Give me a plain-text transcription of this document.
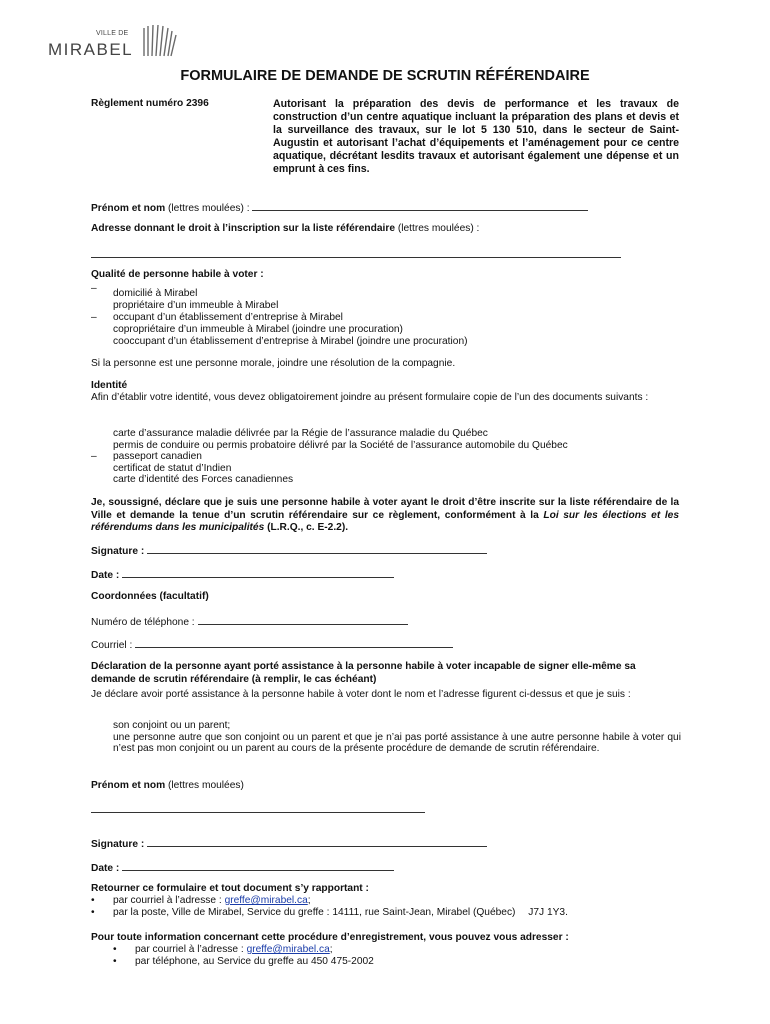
VILLE DE
MIRABEL
FORMULAIRE DE DEMANDE DE SCRUTIN RÉFÉRENDAIRE
Règlement numéro 2396	Autorisant la préparation des devis de performance et les travaux de construction d’un centre aquatique incluant la préparation des plans et devis et la surveillance des travaux, sur le lot 5 130 510, dans le secteur de Saint-Augustin et autorisant l’achat d’équipements et l’aménagement pour ce centre aquatique, décrétant lesdits travaux et autorisant également une dépense et un emprunt à ces fins.
Prénom et nom (lettres moulées) :
Adresse donnant le droit à l’inscription sur la liste référendaire (lettres moulées) :
Qualité de personne habile à voter :
–
–
domicilié à Mirabel
propriétaire d’un immeuble à Mirabel
occupant d’un établissement d’entreprise à Mirabel
copropriétaire d’un immeuble à Mirabel (joindre une procuration)
cooccupant d’un établissement d’entreprise à Mirabel (joindre une procuration)
Si la personne est une personne morale, joindre une résolution de la compagnie.
Identité
Afin d’établir votre identité, vous devez obligatoirement joindre au présent formulaire copie de l’un des documents suivants :
–
carte d’assurance maladie délivrée par la Régie de l’assurance maladie du Québec
permis de conduire ou permis probatoire délivré par la Société de l’assurance automobile du Québec
passeport canadien
certificat de statut d’Indien
carte d’identité des Forces canadiennes
Je, soussigné, déclare que je suis une personne habile à voter ayant le droit d’être inscrite sur la liste référendaire de la Ville et demande la tenue d’un scrutin référendaire sur ce règlement, conformément à la Loi sur les élections et les référendums dans les municipalités (L.R.Q., c. E-2.2).
Signature :
Date :
Coordonnées (facultatif)
Numéro de téléphone :
Courriel :
Déclaration de la personne ayant porté assistance à la personne habile à voter incapable de signer elle-même sa demande de scrutin référendaire (à remplir, le cas échéant)
Je déclare avoir porté assistance à la personne habile à voter dont le nom et l’adresse figurent ci-dessus et que je suis :
son conjoint ou un parent;
une personne autre que son conjoint ou un parent et que je n’ai pas porté assistance à une autre personne habile à voter qui n’est pas mon conjoint ou un parent au cours de la présente procédure de demande de scrutin référendaire.
Prénom et nom (lettres moulées)
Signature :
Date :
Retourner ce formulaire et tout document s’y rapportant :
• par courriel à l’adresse : greffe@mirabel.ca;
• par la poste, Ville de Mirabel, Service du greffe : 14111, rue Saint-Jean, Mirabel (Québec) J7J 1Y3.
Pour toute information concernant cette procédure d’enregistrement, vous pouvez vous adresser :
• par courriel à l’adresse : greffe@mirabel.ca;
• par téléphone, au Service du greffe au 450 475-2002
